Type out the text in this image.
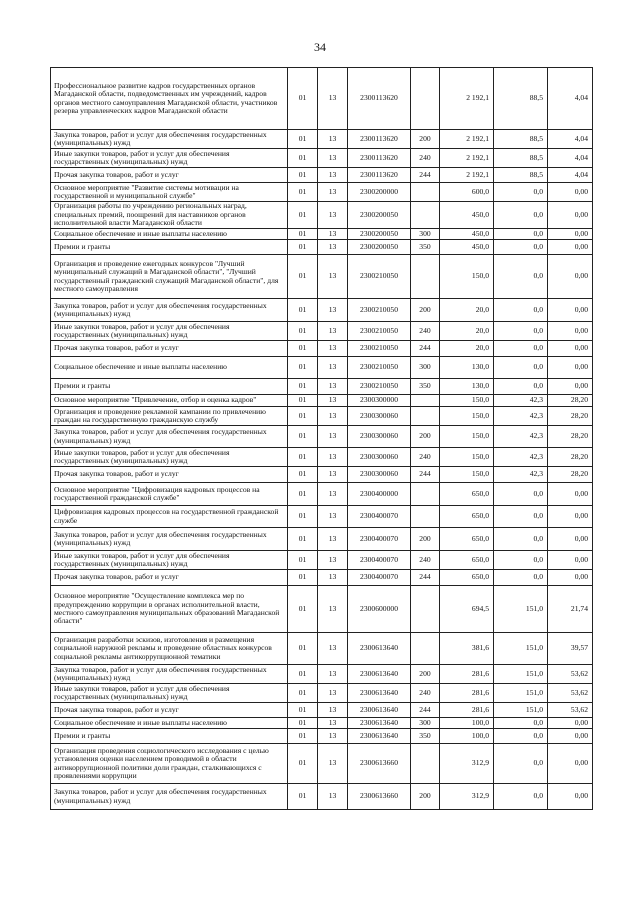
34
Профессиональное развитие кадров государственных органов Магаданской области, подведомственных им учреждений, кадров органов местного самоуправления Магаданской области, участников резерва управленческих кадров Магаданской области	01	13	2300113620		2 192,1	88,5	4,04
Закупка товаров, работ и услуг для обеспечения государственных (муниципальных) нужд	01	13	2300113620	200	2 192,1	88,5	4,04
Иные закупки товаров, работ и услуг для обеспечения государственных (муниципальных) нужд	01	13	2300113620	240	2 192,1	88,5	4,04
Прочая закупка товаров, работ и услуг	01	13	2300113620	244	2 192,1	88,5	4,04
Основное мероприятие "Развитие системы мотивации на государственной и муниципальной службе"	01	13	2300200000		600,0	0,0	0,00
Организация работы по учреждению региональных наград, специальных премий, поощрений для наставников органов исполнительной власти Магаданской области	01	13	2300200050		450,0	0,0	0,00
Социальное обеспечение и иные выплаты населению	01	13	2300200050	300	450,0	0,0	0,00
Премии и гранты	01	13	2300200050	350	450,0	0,0	0,00
Организация и проведение ежегодных конкурсов "Лучший муниципальный служащий в Магаданской области", "Лучший государственный гражданский служащий Магаданской области", для местного самоуправления	01	13	2300210050		150,0	0,0	0,00
Закупка товаров, работ и услуг для обеспечения государственных (муниципальных) нужд	01	13	2300210050	200	20,0	0,0	0,00
Иные закупки товаров, работ и услуг для обеспечения государственных (муниципальных) нужд	01	13	2300210050	240	20,0	0,0	0,00
Прочая закупка товаров, работ и услуг	01	13	2300210050	244	20,0	0,0	0,00
Социальное обеспечение и иные выплаты населению	01	13	2300210050	300	130,0	0,0	0,00
Премии и гранты	01	13	2300210050	350	130,0	0,0	0,00
Основное мероприятие "Привлечение, отбор и оценка кадров"	01	13	2300300000		150,0	42,3	28,20
Организация и проведение рекламной кампании по привлечению граждан на государственную гражданскую службу	01	13	2300300060		150,0	42,3	28,20
Закупка товаров, работ и услуг для обеспечения государственных (муниципальных) нужд	01	13	2300300060	200	150,0	42,3	28,20
Иные закупки товаров, работ и услуг для обеспечения государственных (муниципальных) нужд	01	13	2300300060	240	150,0	42,3	28,20
Прочая закупка товаров, работ и услуг	01	13	2300300060	244	150,0	42,3	28,20
Основное мероприятие "Цифровизация кадровых процессов на государственной гражданской службе"	01	13	2300400000		650,0	0,0	0,00
Цифровизация кадровых процессов на государственной гражданской службе	01	13	2300400070		650,0	0,0	0,00
Закупка товаров, работ и услуг для обеспечения государственных (муниципальных) нужд	01	13	2300400070	200	650,0	0,0	0,00
Иные закупки товаров, работ и услуг для обеспечения государственных (муниципальных) нужд	01	13	2300400070	240	650,0	0,0	0,00
Прочая закупка товаров, работ и услуг	01	13	2300400070	244	650,0	0,0	0,00
Основное мероприятие "Осуществление комплекса мер по предупреждению коррупции в органах исполнительной власти, местного самоуправления муниципальных образований Магаданской области"	01	13	2300600000		694,5	151,0	21,74
Организация разработки эскизов, изготовления и размещения социальной наружной рекламы и проведение областных конкурсов социальной рекламы антикоррупционной тематики	01	13	2300613640		381,6	151,0	39,57
Закупка товаров, работ и услуг для обеспечения государственных (муниципальных) нужд	01	13	2300613640	200	281,6	151,0	53,62
Иные закупки товаров, работ и услуг для обеспечения государственных (муниципальных) нужд	01	13	2300613640	240	281,6	151,0	53,62
Прочая закупка товаров, работ и услуг	01	13	2300613640	244	281,6	151,0	53,62
Социальное обеспечение и иные выплаты населению	01	13	2300613640	300	100,0	0,0	0,00
Премии и гранты	01	13	2300613640	350	100,0	0,0	0,00
Организация проведения социологического исследования с целью установления оценки населением проводимой в области антикоррупционной политики доли граждан, сталкивающихся с проявлениями коррупции	01	13	2300613660		312,9	0,0	0,00
Закупка товаров, работ и услуг для обеспечения государственных (муниципальных) нужд	01	13	2300613660	200	312,9	0,0	0,00
